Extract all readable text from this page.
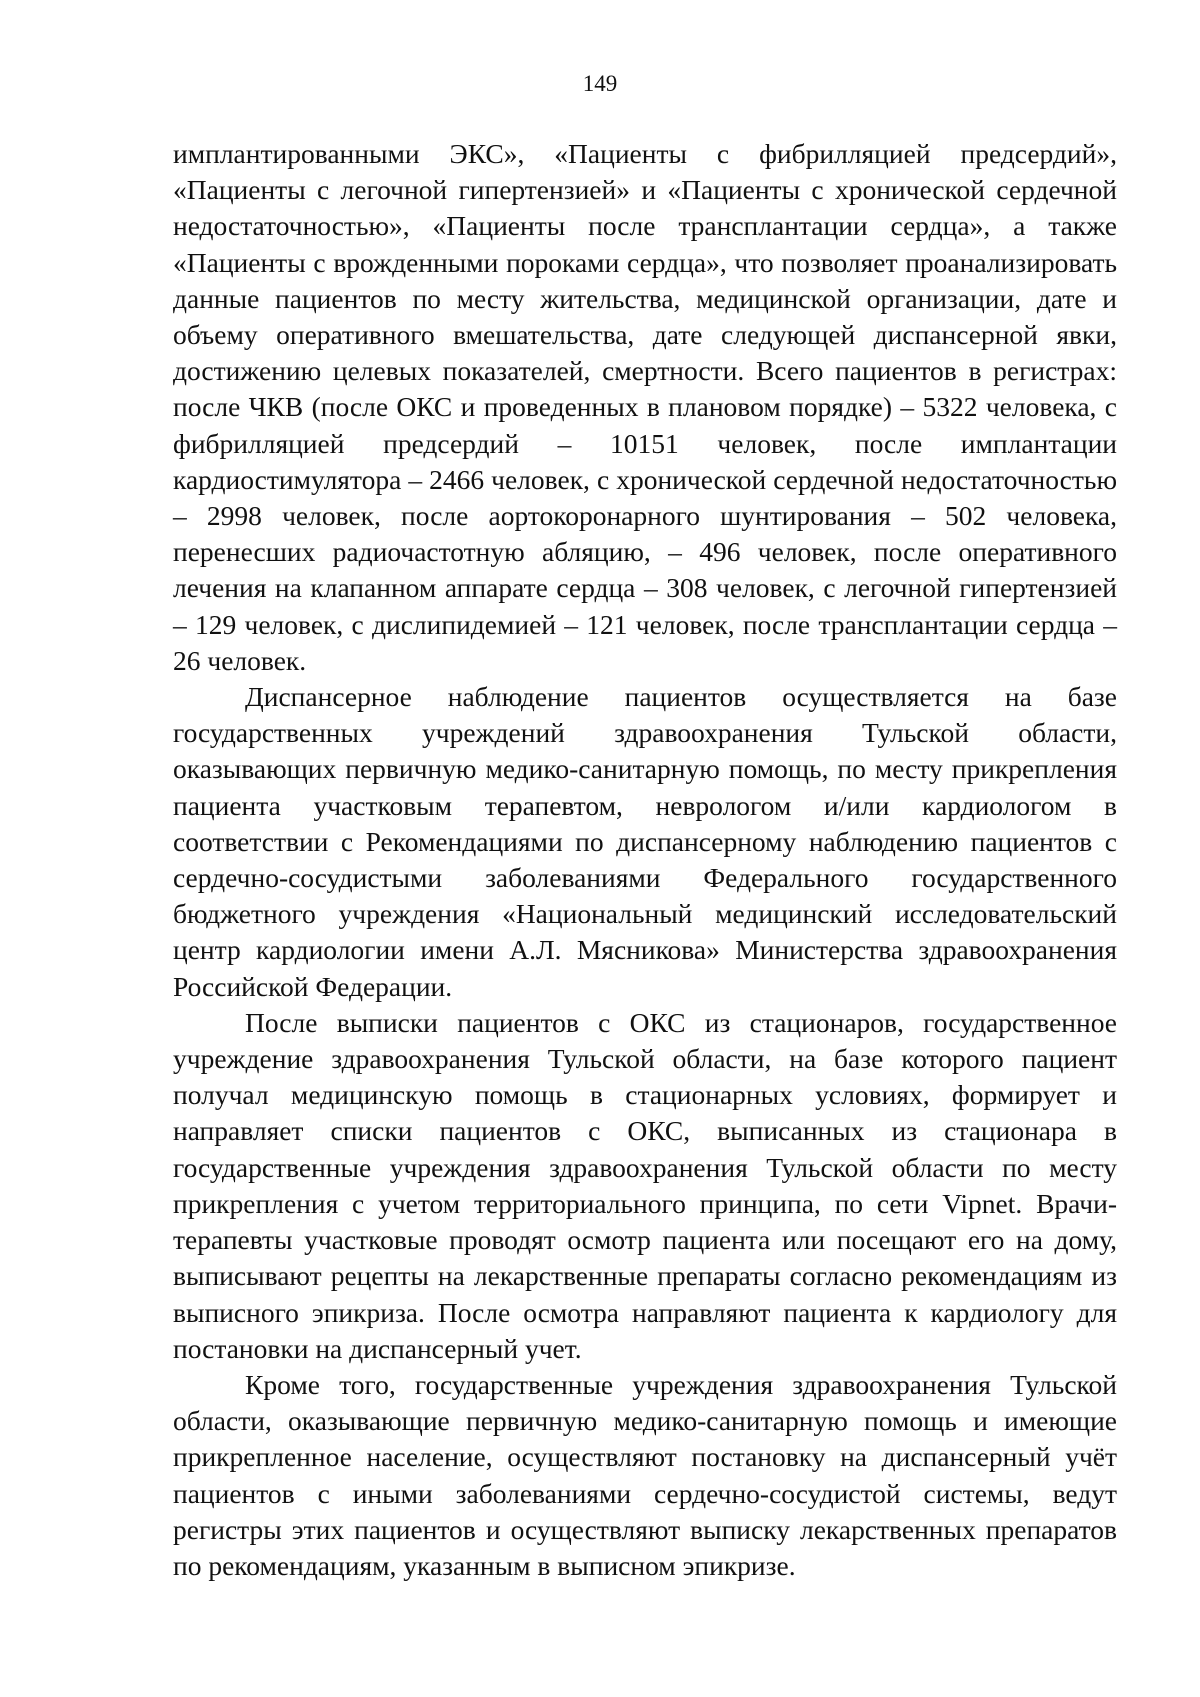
149

имплантированными ЭКС», «Пациенты с фибрилляцией предсердий», «Пациенты с легочной гипертензией» и «Пациенты с хронической сердечной недостаточностью», «Пациенты после трансплантации сердца», а также «Пациенты с врожденными пороками сердца», что позволяет проанализировать данные пациентов по месту жительства, медицинской организации, дате и объему оперативного вмешательства, дате следующей диспансерной явки, достижению целевых показателей, смертности. Всего пациентов в регистрах: после ЧКВ (после ОКС и проведенных в плановом порядке) – 5322 человека, с фибрилляцией предсердий – 10151 человек, после имплантации кардиостимулятора – 2466 человек, с хронической сердечной недостаточностью – 2998 человек, после аортокоронарного шунтирования – 502 человека, перенесших радиочастотную абляцию, – 496 человек, после оперативного лечения на клапанном аппарате сердца – 308 человек, с легочной гипертензией – 129 человек, с дислипидемией – 121 человек, после трансплантации сердца – 26 человек.

Диспансерное наблюдение пациентов осуществляется на базе государственных учреждений здравоохранения Тульской области, оказывающих первичную медико-санитарную помощь, по месту прикрепления пациента участковым терапевтом, неврологом и/или кардиологом в соответствии с Рекомендациями по диспансерному наблюдению пациентов с сердечно-сосудистыми заболеваниями Федерального государственного бюджетного учреждения «Национальный медицинский исследовательский центр кардиологии имени А.Л. Мясникова» Министерства здравоохранения Российской Федерации.

После выписки пациентов с ОКС из стационаров, государственное учреждение здравоохранения Тульской области, на базе которого пациент получал медицинскую помощь в стационарных условиях, формирует и направляет списки пациентов с ОКС, выписанных из стационара в государственные учреждения здравоохранения Тульской области по месту прикрепления с учетом территориального принципа, по сети Vipnet. Врачи-терапевты участковые проводят осмотр пациента или посещают его на дому, выписывают рецепты на лекарственные препараты согласно рекомендациям из выписного эпикриза. После осмотра направляют пациента к кардиологу для постановки на диспансерный учет.

Кроме того, государственные учреждения здравоохранения Тульской области, оказывающие первичную медико-санитарную помощь и имеющие прикрепленное население, осуществляют постановку на диспансерный учёт пациентов с иными заболеваниями сердечно-сосудистой системы, ведут регистры этих пациентов и осуществляют выписку лекарственных препаратов по рекомендациям, указанным в выписном эпикризе.
